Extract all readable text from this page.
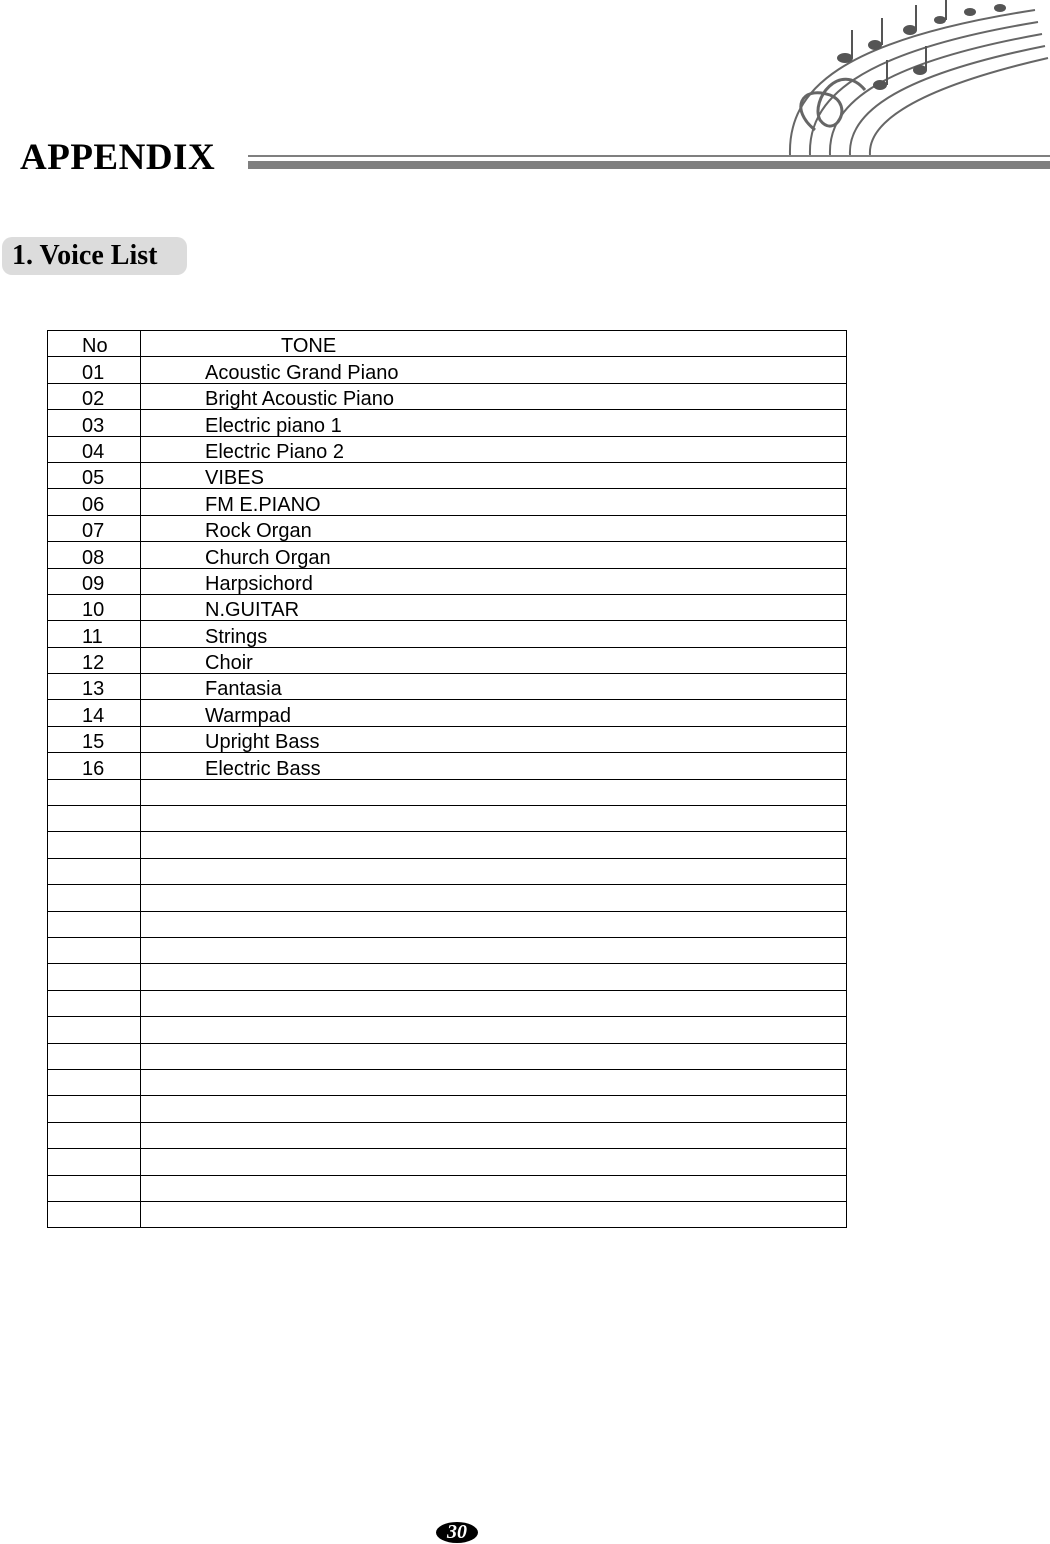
APPENDIX
1. Voice List
No	TONE
01	Acoustic Grand Piano
02	Bright Acoustic Piano
03	Electric piano 1
04	Electric Piano 2
05	VIBES
06	FM E.PIANO
07	Rock Organ
08	Church Organ
09	Harpsichord
10	N.GUITAR
11	Strings
12	Choir
13	Fantasia
14	Warmpad
15	Upright Bass
16	Electric Bass

30
